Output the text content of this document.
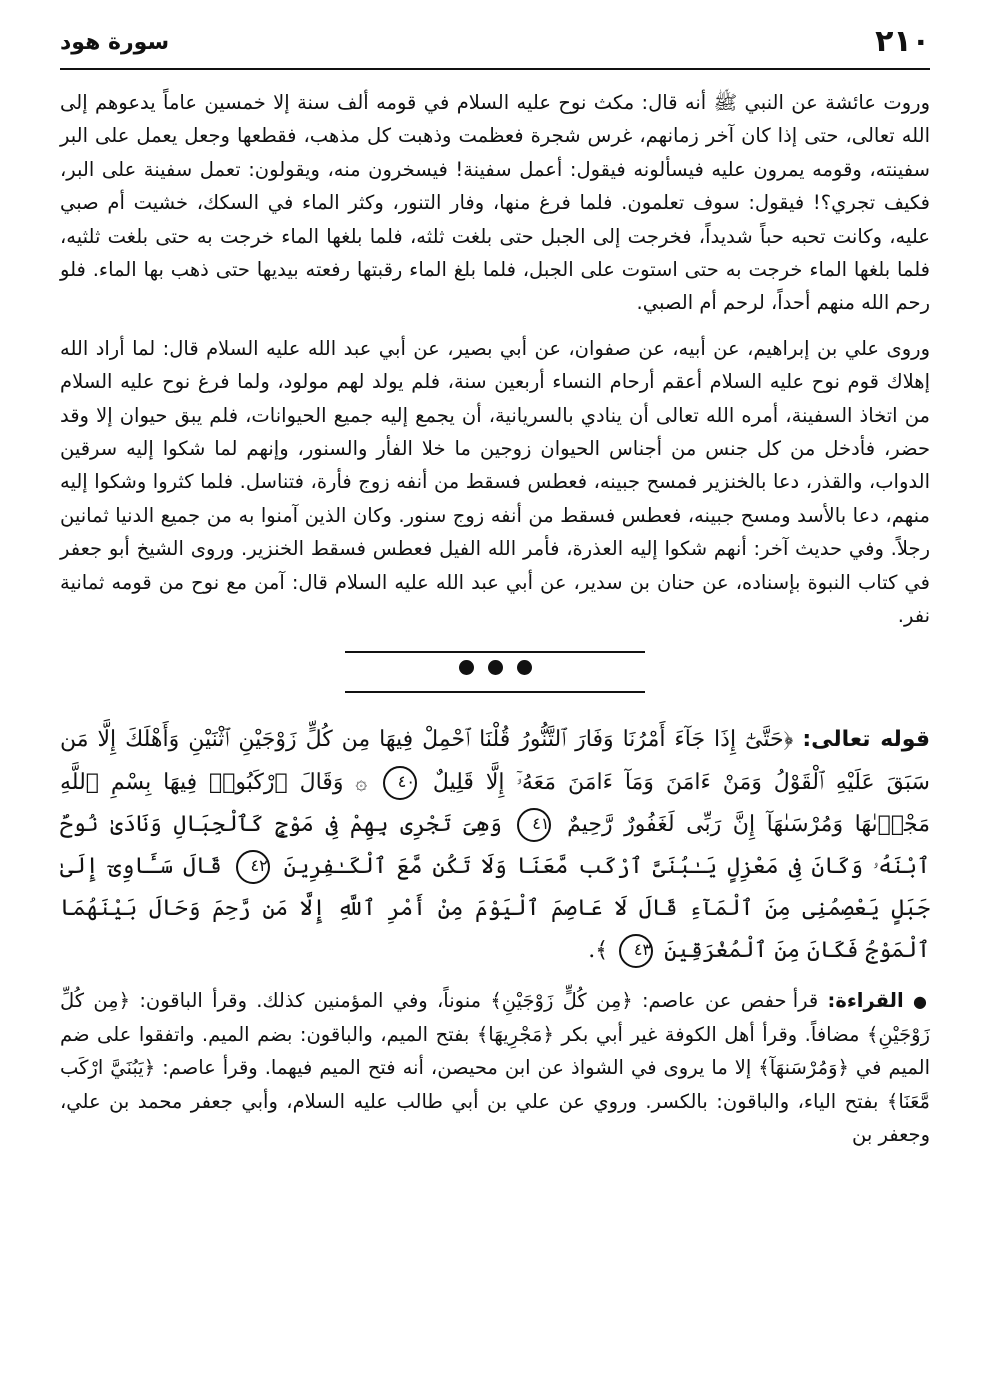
٢١٠
سورة هود

وروت عائشة عن النبي ﷺ أنه قال: مكث نوح عليه السلام في قومه ألف سنة إلا خمسين عاماً يدعوهم إلى الله تعالى، حتى إذا كان آخر زمانهم، غرس شجرة فعظمت وذهبت كل مذهب، فقطعها وجعل يعمل على البر سفينته، وقومه يمرون عليه فيسألونه فيقول: أعمل سفينة! فيسخرون منه، ويقولون: تعمل سفينة على البر، فكيف تجري؟! فيقول: سوف تعلمون. فلما فرغ منها، وفار التنور، وكثر الماء في السكك، خشيت أم صبي عليه، وكانت تحبه حباً شديداً، فخرجت إلى الجبل حتى بلغت ثلثه، فلما بلغها الماء خرجت به حتى بلغت ثلثيه، فلما بلغها الماء خرجت به حتى استوت على الجبل، فلما بلغ الماء رقبتها رفعته بيديها حتى ذهب بها الماء. فلو رحم الله منهم أحداً، لرحم أم الصبي.

وروى علي بن إبراهيم، عن أبيه، عن صفوان، عن أبي بصير، عن أبي عبد الله عليه السلام قال: لما أراد الله إهلاك قوم نوح عليه السلام أعقم أرحام النساء أربعين سنة، فلم يولد لهم مولود، ولما فرغ نوح عليه السلام من اتخاذ السفينة، أمره الله تعالى أن ينادي بالسريانية، أن يجمع إليه جميع الحيوانات، فلم يبق حيوان إلا وقد حضر، فأدخل من كل جنس من أجناس الحيوان زوجين ما خلا الفأر والسنور، وإنهم لما شكوا إليه سرقين الدواب، والقذر، دعا بالخنزير فمسح جبينه، فعطس فسقط من أنفه زوج فأرة، فتناسل. فلما كثروا وشكوا إليه منهم، دعا بالأسد ومسح جبينه، فعطس فسقط من أنفه زوج سنور. وكان الذين آمنوا به من جميع الدنيا ثمانين رجلاً. وفي حديث آخر: أنهم شكوا إليه العذرة، فأمر الله الفيل فعطس فسقط الخنزير. وروى الشيخ أبو جعفر في كتاب النبوة بإسناده، عن حنان بن سدير، عن أبي عبد الله عليه السلام قال: آمن مع نوح من قومه ثمانية نفر.

قوله تعالى: ﴿حَتَّىٰٓ إِذَا جَآءَ أَمْرُنَا وَفَارَ ٱلتَّنُّورُ قُلْنَا ٱحْمِلْ فِيهَا مِن كُلٍّ زَوْجَيْنِ ٱثْنَيْنِ وَأَهْلَكَ إِلَّا مَن سَبَقَ عَلَيْهِ ٱلْقَوْلُ وَمَنْ ءَامَنَ وَمَآ ءَامَنَ مَعَهُۥٓ إِلَّا قَلِيلٌ ٤٠ ۞ وَقَالَ ٱرْكَبُوا۟ فِيهَا بِسْمِ ٱللَّهِ مَجْر۪ىٰهَا وَمُرْسَىٰهَآ إِنَّ رَبِّى لَغَفُورٌ رَّحِيمٌ ٤١ وَهِىَ تَجْرِى بِهِمْ فِى مَوْجٍ كَٱلْجِبَالِ وَنَادَىٰ نُوحٌ ٱبْنَهُۥ وَكَانَ فِى مَعْزِلٍ يَـٰبُنَىَّ ٱرْكَب مَّعَنَا وَلَا تَكُن مَّعَ ٱلْكَـٰفِرِينَ ٤٢ قَالَ سَـَٔاوِىٓ إِلَىٰ جَبَلٍ يَعْصِمُنِى مِنَ ٱلْمَآءِ قَالَ لَا عَاصِمَ ٱلْيَوْمَ مِنْ أَمْرِ ٱللَّهِ إِلَّا مَن رَّحِمَ وَحَالَ بَيْنَهُمَا ٱلْمَوْجُ فَكَانَ مِنَ ٱلْمُغْرَقِينَ ٤٣ ﴾.

● القراءة: قرأ حفص عن عاصم: ﴿مِن كُلٍّ زَوْجَيْنِ﴾ منوناً، وفي المؤمنين كذلك. وقرأ الباقون: ﴿مِن كُلِّ زَوْجَيْنِ﴾ مضافاً. وقرأ أهل الكوفة غير أبي بكر ﴿مَجْرِيهَا﴾ بفتح الميم، والباقون: بضم الميم. واتفقوا على ضم الميم في ﴿وَمُرْسَنهَآ﴾ إلا ما يروى في الشواذ عن ابن محيصن، أنه فتح الميم فيهما. وقرأ عاصم: ﴿يَبُنَيَّ ارْكَب مَّعَنَا﴾ بفتح الياء، والباقون: بالكسر. وروي عن علي بن أبي طالب عليه السلام، وأبي جعفر محمد بن علي، وجعفر بن
